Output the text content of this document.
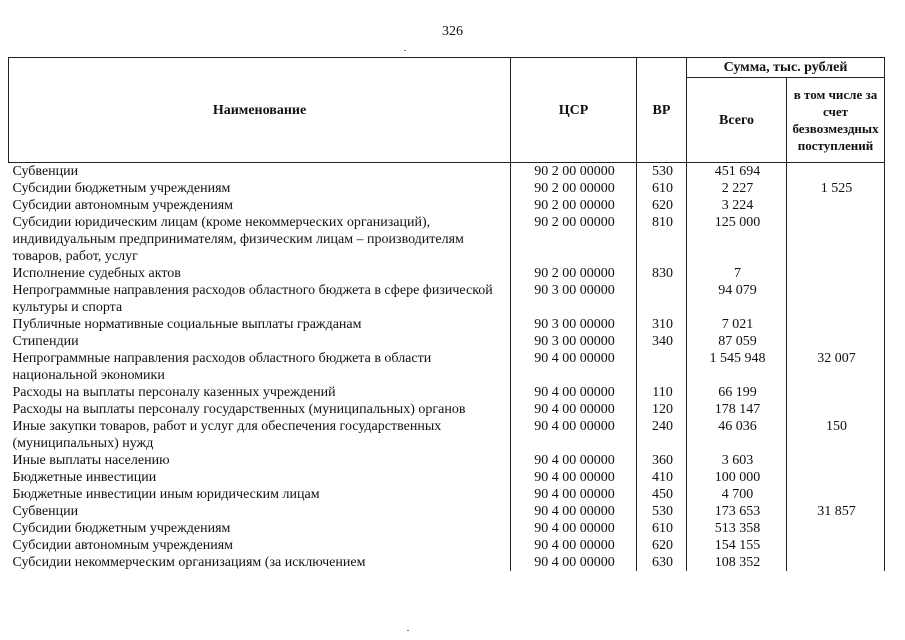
326
Наименование	ЦСР	ВР	Сумма, тыс. рублей	
			Всего	в том числе за счет безвозмездных поступлений
Субвенции	90 2 00 00000	530	451 694	
Субсидии бюджетным учреждениям	90 2 00 00000	610	2 227	1 525
Субсидии автономным учреждениям	90 2 00 00000	620	3 224	
Субсидии юридическим лицам (кроме некоммерческих организаций), индивидуальным предпринимателям, физическим лицам – производителям товаров, работ, услуг	90 2 00 00000	810	125 000	
Исполнение судебных актов	90 2 00 00000	830	7	
Непрограммные направления расходов областного бюджета в сфере физической культуры и спорта	90 3 00 00000		94 079	
Публичные нормативные социальные выплаты гражданам	90 3 00 00000	310	7 021	
Стипендии	90 3 00 00000	340	87 059	
Непрограммные направления расходов областного бюджета в области национальной экономики	90 4 00 00000		1 545 948	32 007
Расходы на выплаты персоналу казенных учреждений	90 4 00 00000	110	66 199	
Расходы на выплаты персоналу государственных (муниципальных) органов	90 4 00 00000	120	178 147	
Иные закупки товаров, работ и услуг для обеспечения государственных (муниципальных) нужд	90 4 00 00000	240	46 036	150
Иные выплаты населению	90 4 00 00000	360	3 603	
Бюджетные инвестиции	90 4 00 00000	410	100 000	
Бюджетные инвестиции иным юридическим лицам	90 4 00 00000	450	4 700	
Субвенции	90 4 00 00000	530	173 653	31 857
Субсидии бюджетным учреждениям	90 4 00 00000	610	513 358	
Субсидии автономным учреждениям	90 4 00 00000	620	154 155	
Субсидии некоммерческим организациям (за исключением	90 4 00 00000	630	108 352	
